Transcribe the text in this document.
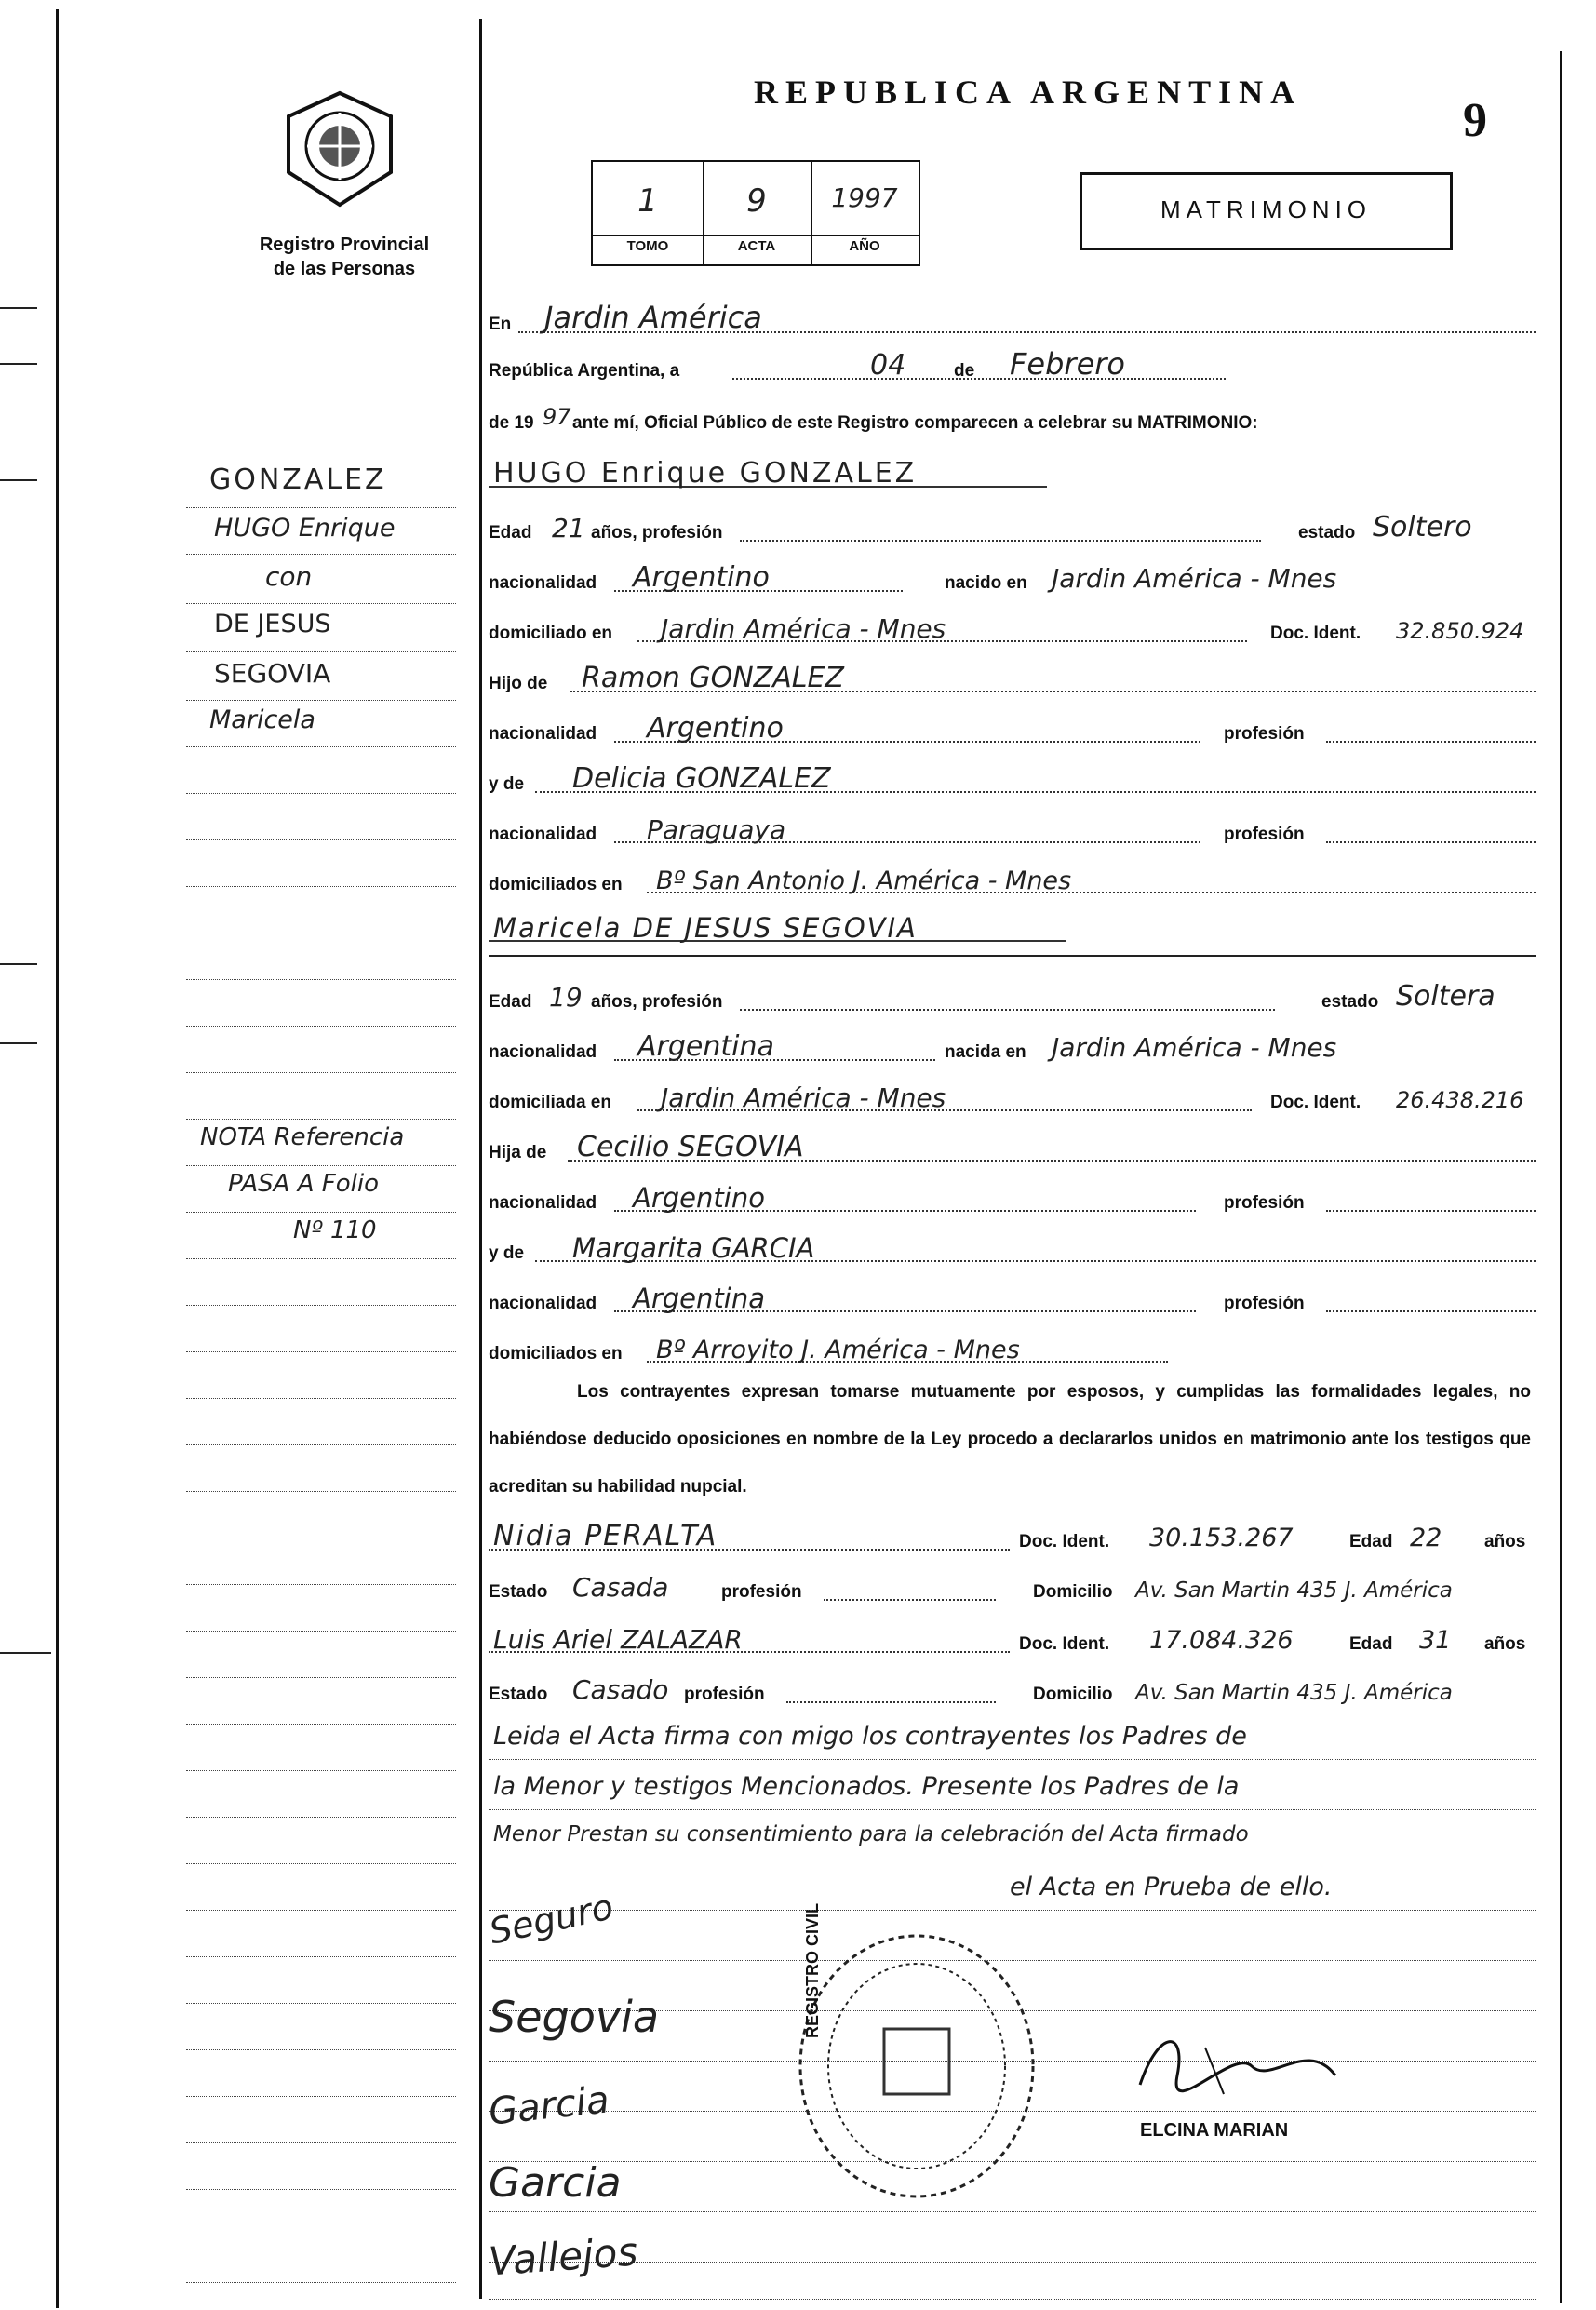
Registro Provincial
de las Personas
REPUBLICA ARGENTINA
9
1
TOMO
9
ACTA
1997
AÑO
MATRIMONIO
GONZALEZ
HUGO Enrique
con
DE JESUS
SEGOVIA
Maricela
NOTA Referencia
PASA A Folio
Nº 110
En Jardin América
República Argentina, a	04	de Febrero
de 19 97 ante mí, Oficial Público de este Registro comparecen a celebrar su MATRIMONIO:
HUGO Enrique GONZALEZ
Edad 21 años, profesión	estado Soltero
nacionalidad Argentino	nacido en Jardin América - Mnes
domiciliado en Jardin América - Mnes	Doc. Ident. 32.850.924
Hijo de Ramon GONZALEZ
nacionalidad Argentino	profesión
y de Delicia GONZALEZ
nacionalidad Paraguaya	profesión
domiciliados en Bº San Antonio J. América - Mnes
Maricela DE JESUS SEGOVIA
Edad 19 años, profesión	estado Soltera
nacionalidad Argentina	nacida en Jardin América - Mnes
domiciliada en Jardin América - Mnes	Doc. Ident. 26.438.216
Hija de Cecilio SEGOVIA
nacionalidad Argentino	profesión
y de Margarita GARCIA
nacionalidad Argentina	profesión
domiciliados en Bº Arroyito J. América - Mnes
Los contrayentes expresan tomarse mutuamente por esposos, y cumplidas las formalidades legales, no habiéndose deducido oposiciones en nombre de la Ley procedo a declararlos unidos en matrimonio ante los testigos que acreditan su habilidad nupcial.
Nidia PERALTA	Doc. Ident. 30.153.267	Edad 22 años
Estado Casada	profesión	Domicilio Av. San Martin 435 J. América
Luis Ariel ZALAZAR	Doc. Ident. 17.084.326	Edad 31 años
Estado Casado profesión	Domicilio Av. San Martin 435 J. América
Leida el Acta firma con migo los contrayentes los Padres de
la Menor y testigos Mencionados. Presente los Padres de la
Menor Prestan su consentimiento para la celebración del Acta firmado
el Acta en Prueba de ello.
Seguro
Segovia
Garcia
Garcia
Vallejos
REGISTRO CIVIL
ELCINA MARIAN
